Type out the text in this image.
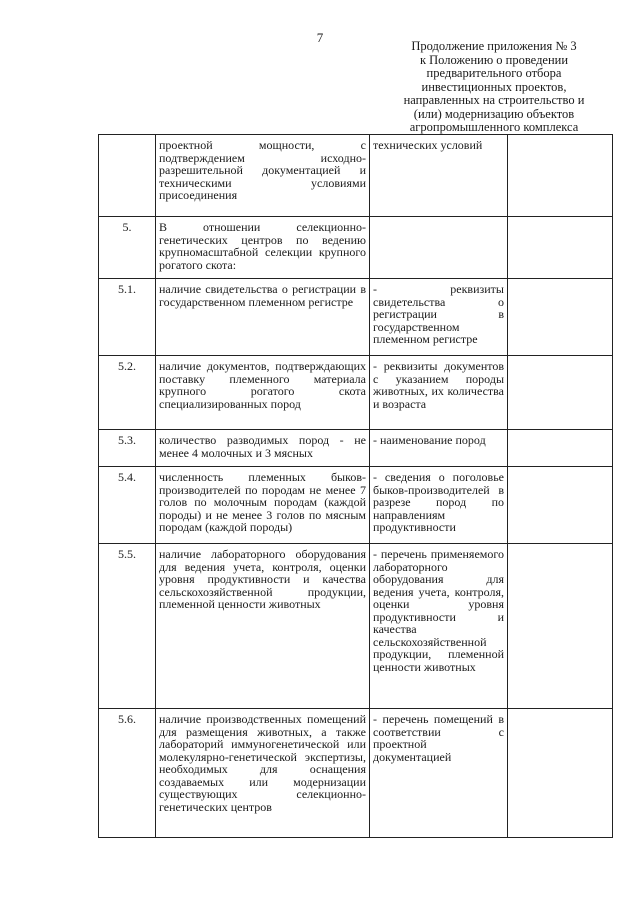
7
Продолжение приложения № 3
к Положению о проведении
предварительного отбора
инвестиционных проектов,
направленных на строительство и
(или) модернизацию объектов
агропромышленного комплекса
	проектной мощности, с подтверждением исходно-разрешительной документацией и техническими условиями присоединения	технических условий	
5.	В отношении селекционно-генетических центров по ведению крупномасштабной селекции крупного рогатого скота:		
5.1.	наличие свидетельства о регистрации в государственном племенном регистре	- реквизиты свидетельства о регистрации в государственном племенном регистре	
5.2.	наличие документов, подтверждающих поставку племенного материала крупного рогатого скота специализированных пород	- реквизиты документов с указанием породы животных, их количества и возраста	
5.3.	количество разводимых пород - не менее 4 молочных и 3 мясных	- наименование пород	
5.4.	численность племенных быков-производителей по породам не менее 7 голов по молочным породам (каждой породы) и не менее 3 голов по мясным породам (каждой породы)	- сведения о поголовье быков-производителей в разрезе пород по направлениям продуктивности	
5.5.	наличие лабораторного оборудования для ведения учета, контроля, оценки уровня продуктивности и качества сельскохозяйственной продукции, племенной ценности животных	- перечень применяемого лабораторного оборудования для ведения учета, контроля, оценки уровня продуктивности и качества сельскохозяйственной продукции, племенной ценности животных	
5.6.	наличие производственных помещений для размещения животных, а также лабораторий иммуногенетической или молекулярно-генетической экспертизы, необходимых для оснащения создаваемых или модернизации существующих селекционно-генетических центров	- перечень помещений в соответствии с проектной документацией	
